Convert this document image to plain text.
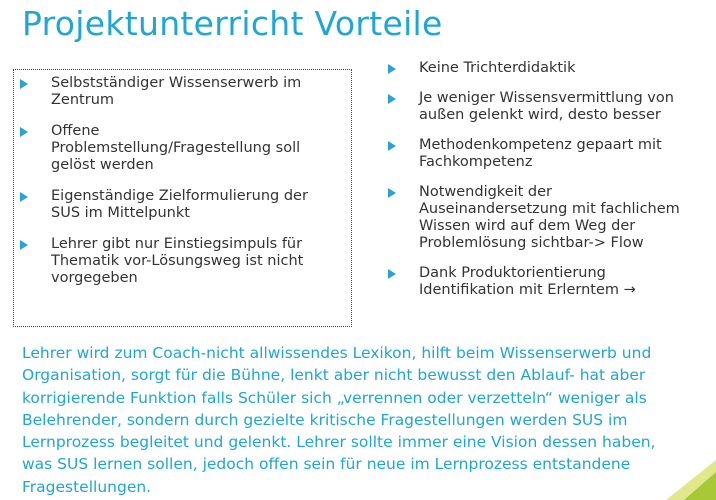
Projektunterricht Vorteile
Selbstständiger Wissenserwerb im
Zentrum
Offene
Problemstellung/Fragestellung soll
gelöst werden
Eigenständige Zielformulierung der
SUS im Mittelpunkt
Lehrer gibt nur Einstiegsimpuls für
Thematik vor-Lösungsweg ist nicht
vorgegeben
Keine Trichterdidaktik
Je weniger Wissensvermittlung von
außen gelenkt wird, desto besser
Methodenkompetenz gepaart mit
Fachkompetenz
Notwendigkeit der
Auseinandersetzung mit fachlichem
Wissen wird auf dem Weg der
Problemlösung sichtbar-> Flow
Dank Produktorientierung
Identifikation mit Erlerntem →
Lehrer wird zum Coach-nicht allwissendes Lexikon, hilft beim Wissenserwerb und
Organisation, sorgt für die Bühne, lenkt aber nicht bewusst den Ablauf- hat aber
korrigierende Funktion falls Schüler sich „verrennen oder verzetteln“ weniger als
Belehrender, sondern durch gezielte kritische Fragestellungen werden SUS im
Lernprozess begleitet und gelenkt. Lehrer sollte immer eine Vision dessen haben,
was SUS lernen sollen, jedoch offen sein für neue im Lernprozess entstandene
Fragestellungen.
